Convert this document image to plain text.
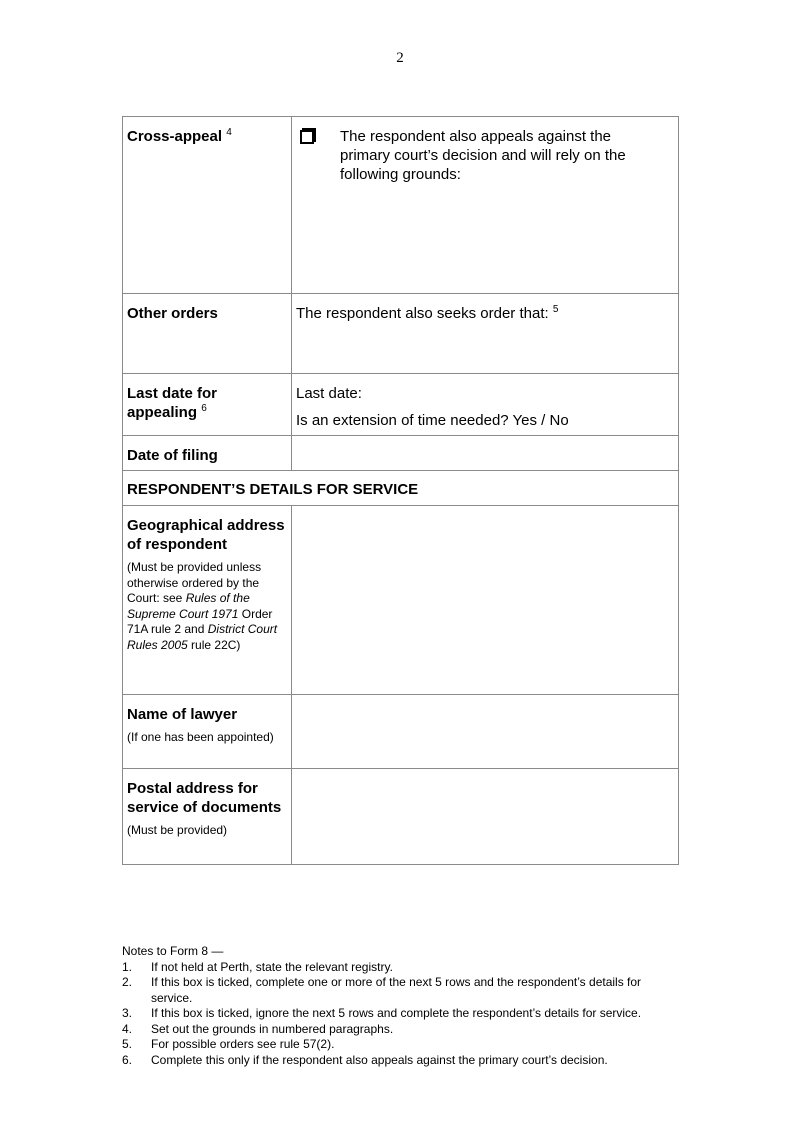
2
Cross-appeal $^4$	The respondent also appeals against the primary court’s decision and will rely on the following grounds:

Other orders	The respondent also seeks order that: $^5$

Last date for appealing $^6$	Last date:
Is an extension of time needed? Yes / No

Date of filing	

RESPONDENT’S DETAILS FOR SERVICE	

Geographical address of respondent
(Must be provided unless otherwise ordered by the Court: see Rules of the Supreme Court 1971 Order 71A rule 2 and District Court Rules 2005 rule 22C)	

Name of lawyer
(If one has been appointed)	

Postal address for service of documents
(Must be provided)	

Notes to Form 8 —
1.	If not held at Perth, state the relevant registry.
2.	If this box is ticked, complete one or more of the next 5 rows and the respondent’s details for service.
3.	If this box is ticked, ignore the next 5 rows and complete the respondent’s details for service.
4.	Set out the grounds in numbered paragraphs.
5.	For possible orders see rule 57(2).
6.	Complete this only if the respondent also appeals against the primary court’s decision.
